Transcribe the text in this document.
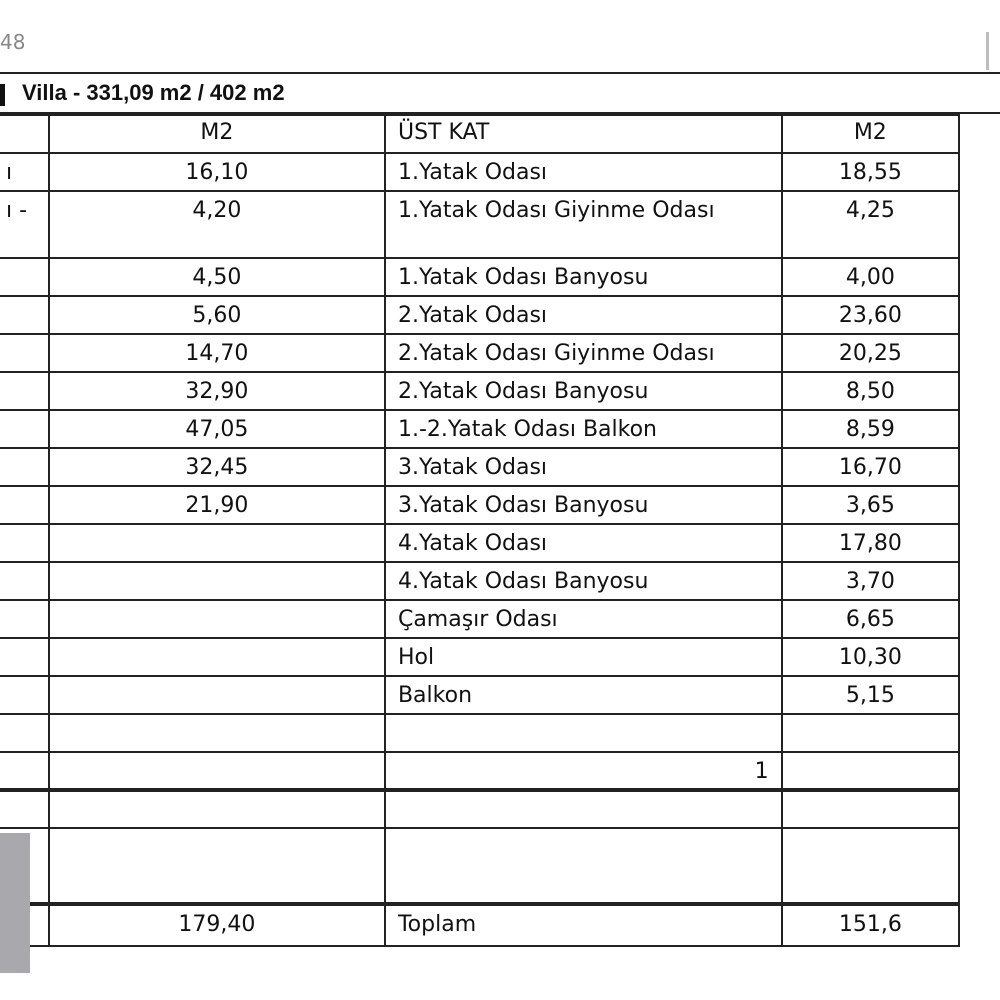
48
Villa - 331,09 m2 / 402 m2
	M2	ÜST KAT	M2
ı	16,10	1.Yatak Odası	18,55
ı -	4,20	1.Yatak Odası Giyinme Odası	4,25
	4,50	1.Yatak Odası Banyosu	4,00
	5,60	2.Yatak Odası	23,60
	14,70	2.Yatak Odası Giyinme Odası	20,25
	32,90	2.Yatak Odası Banyosu	8,50
	47,05	1.-2.Yatak Odası Balkon	8,59
	32,45	3.Yatak Odası	16,70
	21,90	3.Yatak Odası Banyosu	3,65
		4.Yatak Odası	17,80
		4.Yatak Odası Banyosu	3,70
		Çamaşır Odası	6,65
		Hol	10,30
		Balkon	5,15

		1	

	179,40	Toplam	151,6
